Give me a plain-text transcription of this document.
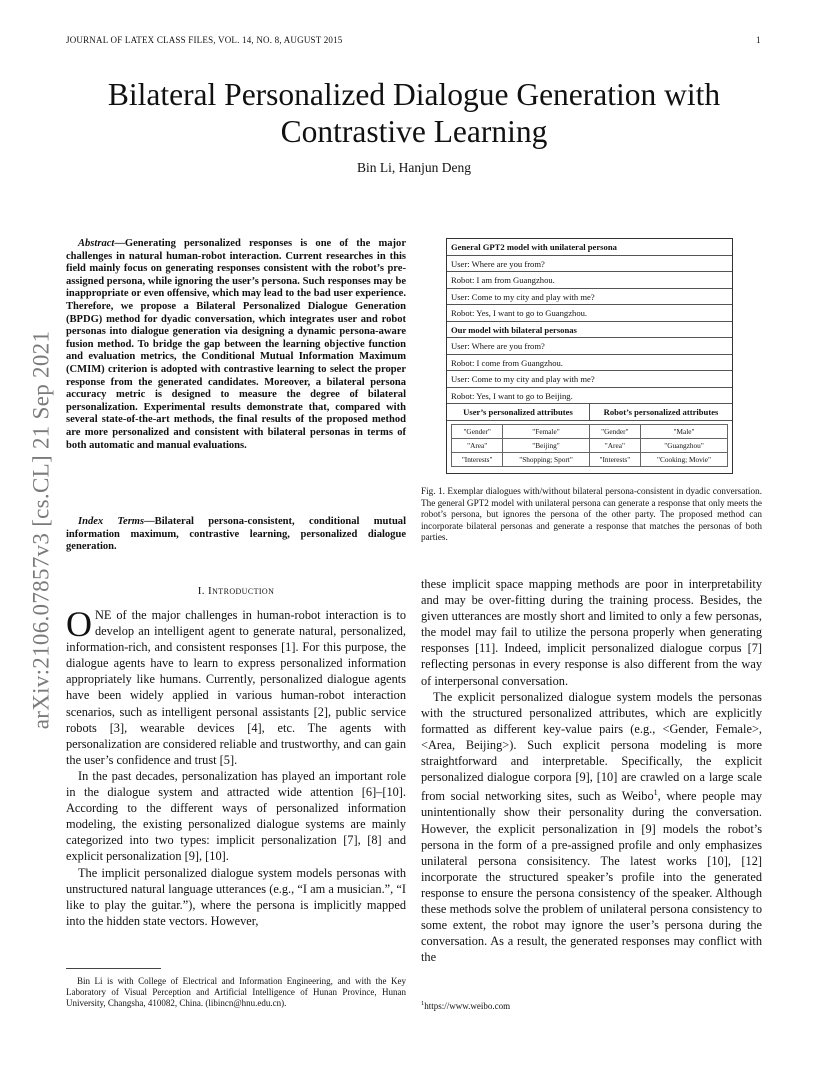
JOURNAL OF LATEX CLASS FILES, VOL. 14, NO. 8, AUGUST 2015	1
Bilateral Personalized Dialogue Generation with Contrastive Learning
Bin Li, Hanjun Deng
arXiv:2106.07857v3 [cs.CL] 21 Sep 2021
Abstract—Generating personalized responses is one of the major challenges in natural human-robot interaction. Current researches in this field mainly focus on generating responses consistent with the robot’s pre-assigned persona, while ignoring the user’s persona. Such responses may be inappropriate or even offensive, which may lead to the bad user experience. Therefore, we propose a Bilateral Personalized Dialogue Generation (BPDG) method for dyadic conversation, which integrates user and robot personas into dialogue generation via designing a dynamic persona-aware fusion method. To bridge the gap between the learning objective function and evaluation metrics, the Conditional Mutual Information Maximum (CMIM) criterion is adopted with contrastive learning to select the proper response from the generated candidates. Moreover, a bilateral persona accuracy metric is designed to measure the degree of bilateral personalization. Experimental results demonstrate that, compared with several state-of-the-art methods, the final results of the proposed method are more personalized and consistent with bilateral personas in terms of both automatic and manual evaluations.
Index Terms—Bilateral persona-consistent, conditional mutual information maximum, contrastive learning, personalized dialogue generation.
I. Introduction

ONE of the major challenges in human-robot interaction is to develop an intelligent agent to generate natural, personalized, information-rich, and consistent responses [1]. For this purpose, the dialogue agents have to learn to express personalized information appropriately like humans. Currently, personalized dialogue agents have been widely applied in various human-robot interaction scenarios, such as intelligent personal assistants [2], public service robots [3], wearable devices [4], etc. The agents with personalization are considered reliable and trustworthy, and can gain the user’s confidence and trust [5].

In the past decades, personalization has played an important role in the dialogue system and attracted wide attention [6]–[10]. According to the different ways of personalized information modeling, the existing personalized dialogue systems are mainly categorized into two types: implicit personalization [7], [8] and explicit personalization [9], [10].

The implicit personalized dialogue system models personas with unstructured natural language utterances (e.g., “I am a musician.”, “I like to play the guitar.”), where the persona is implicitly mapped into the hidden state vectors. However,

these implicit space mapping methods are poor in interpretability and may be over-fitting during the training process. Besides, the given utterances are mostly short and limited to only a few personas, the model may fail to utilize the persona properly when generating responses [11]. Indeed, implicit personalized dialogue corpus [7] reflecting personas in every response is also different from the way of interpersonal conversation.

The explicit personalized dialogue system models the personas with the structured personalized attributes, which are explicitly formatted as different key-value pairs (e.g., <Gender, Female>, <Area, Beijing>). Such explicit persona modeling is more straightforward and interpretable. Specifically, the explicit personalized dialogue corpora [9], [10] are crawled on a large scale from social networking sites, such as Weibo$^1$, where people may unintentionally show their personality during the conversation. However, the explicit personalization in [9] models the robot’s persona in the form of a pre-assigned profile and only emphasizes unilateral persona consisitency. The latest works [10], [12] incorporate the structured speaker’s profile into the generated response to ensure the persona consistency of the speaker. Although these methods solve the problem of unilateral persona consistency to some extent, the robot may ignore the user’s persona during the conversation. As a result, the generated responses may conflict with the

Bin Li is with College of Electrical and Information Engineering, and with the Key Laboratory of Visual Perception and Artificial Intelligence of Hunan Province, Hunan University, Changsha, 410082, China. (libincn@hnu.edu.cn).	$^1$https://www.weibo.com
General GPT2 model with unilateral persona
User: Where are you from?
Robot: I am from Guangzhou.
User: Come to my city and play with me?
Robot: Yes, I want to go to Guangzhou.
Our model with bilateral personas
User: Where are you from?
Robot: I come from Guangzhou.
User: Come to my city and play with me?
Robot: Yes, I want to go to Beijing.
User’s personalized attributes	Robot’s personalized attributes
"Gender"	"Female"	"Gender"	"Male"
"Area"	"Beijing"	"Area"	"Guangzhou"
"Interests"	"Shopping; Sport"	"Interests"	"Cooking; Movie"
Fig. 1. Exemplar dialogues with/without bilateral persona-consistent in dyadic conversation. The general GPT2 model with unilateral persona can generate a response that only meets the robot’s persona, but ignores the persona of the other party. The proposed method can incorporate bilateral personas and generate a response that matches the personas of both parties.
